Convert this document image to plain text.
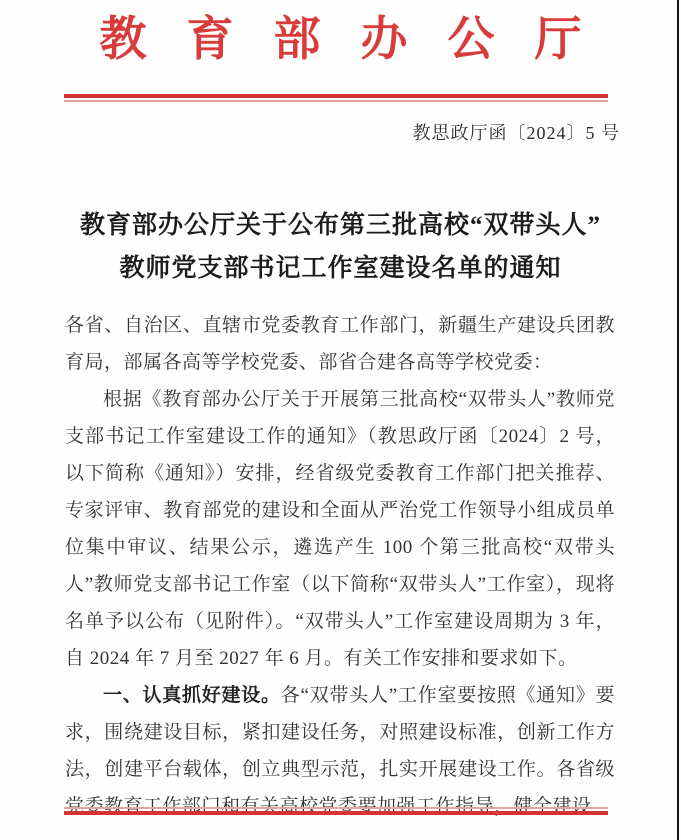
教育部办公厅
教思政厅函〔2024〕5 号
教育部办公厅关于公布第三批高校“双带头人”
教师党支部书记工作室建设名单的通知

各省、自治区、直辖市党委教育工作部门，新疆生产建设兵团教育局，部属各高等学校党委、部省合建各高等学校党委：

根据《教育部办公厅关于开展第三批高校“双带头人”教师党支部书记工作室建设工作的通知》（教思政厅函〔2024〕2 号，以下简称《通知》）安排，经省级党委教育工作部门把关推荐、专家评审、教育部党的建设和全面从严治党工作领导小组成员单位集中审议、结果公示，遴选产生 100 个第三批高校“双带头人”教师党支部书记工作室（以下简称“双带头人”工作室），现将名单予以公布（见附件）。“双带头人”工作室建设周期为 3 年，自 2024 年 7 月至 2027 年 6 月。有关工作安排和要求如下。

一、认真抓好建设。各“双带头人”工作室要按照《通知》要求，围绕建设目标，紧扣建设任务，对照建设标准，创新工作方法，创建平台载体，创立典型示范，扎实开展建设工作。各省级党委教育工作部门和有关高校党委要加强工作指导，健全建设
